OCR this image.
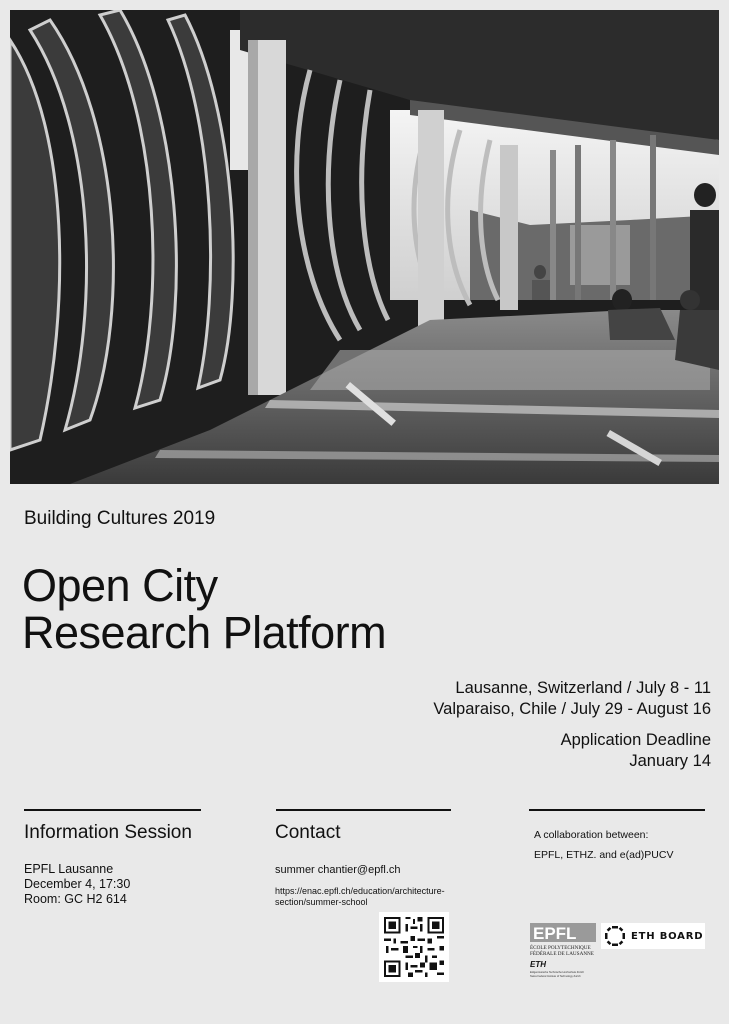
Building Cultures 2019
Open City
Research Platform
Lausanne, Switzerland / July 8 - 11
Valparaiso, Chile / July 29 - August 16
Application Deadline
January 14
Information Session
EPFL Lausanne
December 4, 17:30
Room: GC H2 614
Contact
summer chantier@epfl.ch
https://enac.epfl.ch/education/architecture-
section/summer-school
A collaboration between:
EPFL, ETHZ. and e(ad)PUCV
EPFL
ÉCOLE POLYTECHNIQUE
FÉDÉRALE DE LAUSANNE
ETH
Eidgenössische Technische Hochschule Zürich
Swiss Federal Institute of Technology Zurich
ETH BOARD
